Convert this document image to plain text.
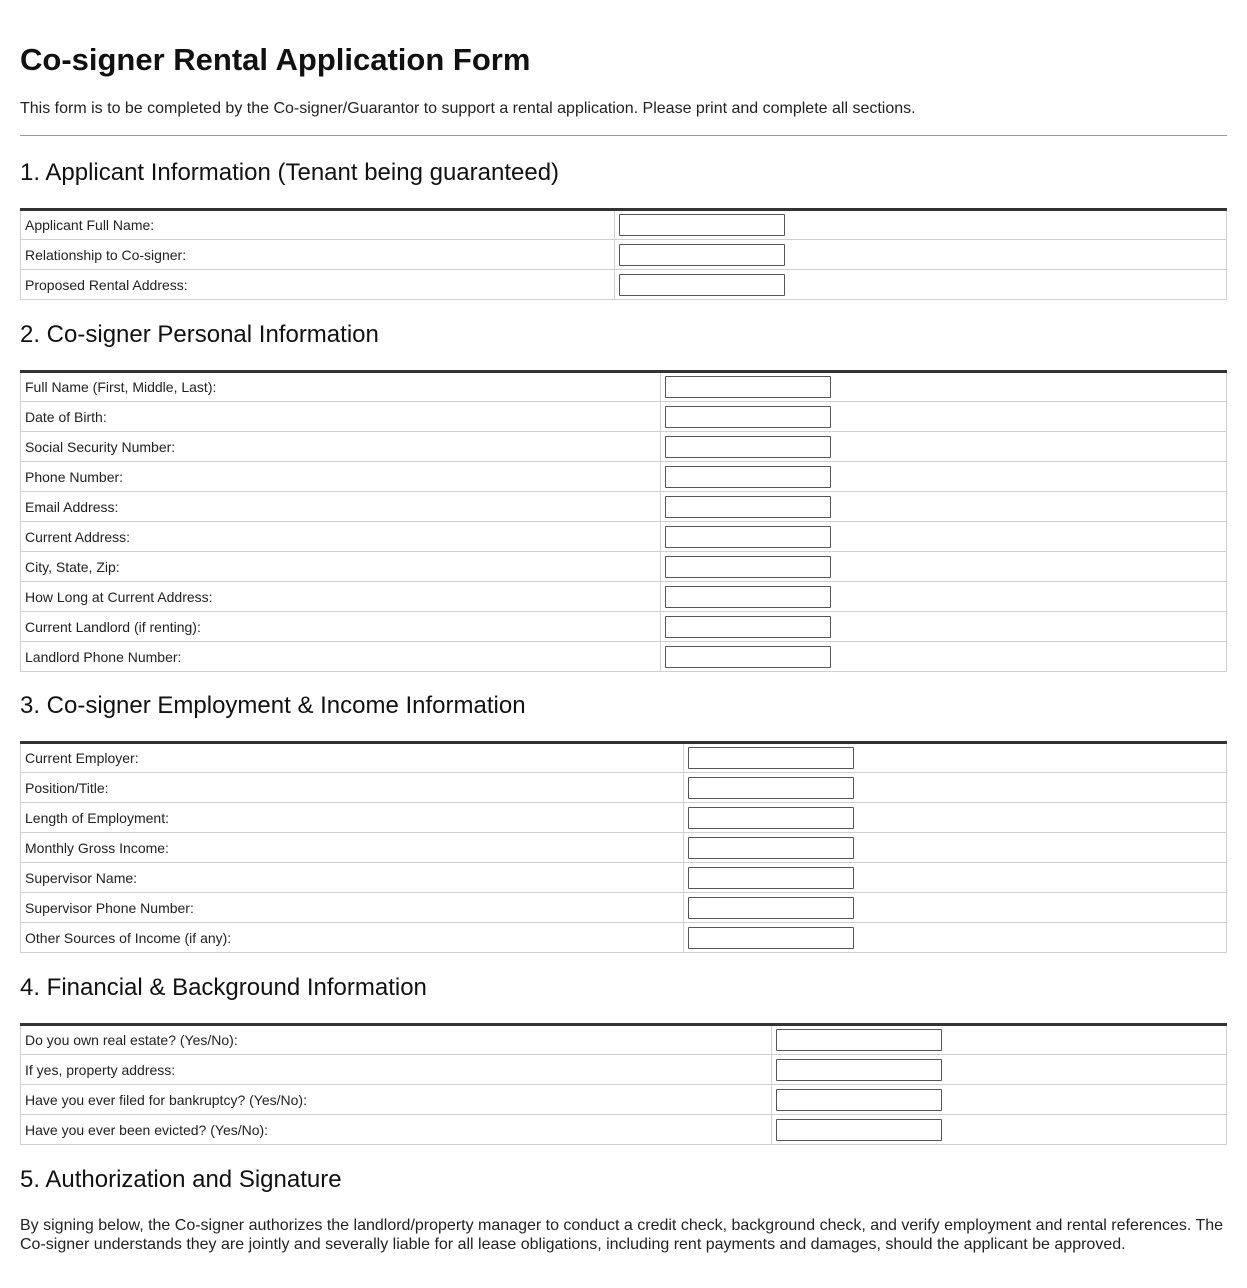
Co-signer Rental Application Form

This form is to be completed by the Co-signer/Guarantor to support a rental application. Please print and complete all sections.

1. Applicant Information (Tenant being guaranteed)
Applicant Full Name:	

Relationship to Co-signer:	

Proposed Rental Address:	
2. Co-signer Personal Information
Full Name (First, Middle, Last):	

Date of Birth:	

Social Security Number:	

Phone Number:	

Email Address:	

Current Address:	

City, State, Zip:	

How Long at Current Address:	

Current Landlord (if renting):	

Landlord Phone Number:	
3. Co-signer Employment & Income Information
Current Employer:	

Position/Title:	

Length of Employment:	

Monthly Gross Income:	

Supervisor Name:	

Supervisor Phone Number:	

Other Sources of Income (if any):	
4. Financial & Background Information
Do you own real estate? (Yes/No):	

If yes, property address:	

Have you ever filed for bankruptcy? (Yes/No):	

Have you ever been evicted? (Yes/No):	
5. Authorization and Signature

By signing below, the Co-signer authorizes the landlord/property manager to conduct a credit check, background check, and verify employment and rental references. The Co-signer understands they are jointly and severally liable for all lease obligations, including rent payments and damages, should the applicant be approved.
